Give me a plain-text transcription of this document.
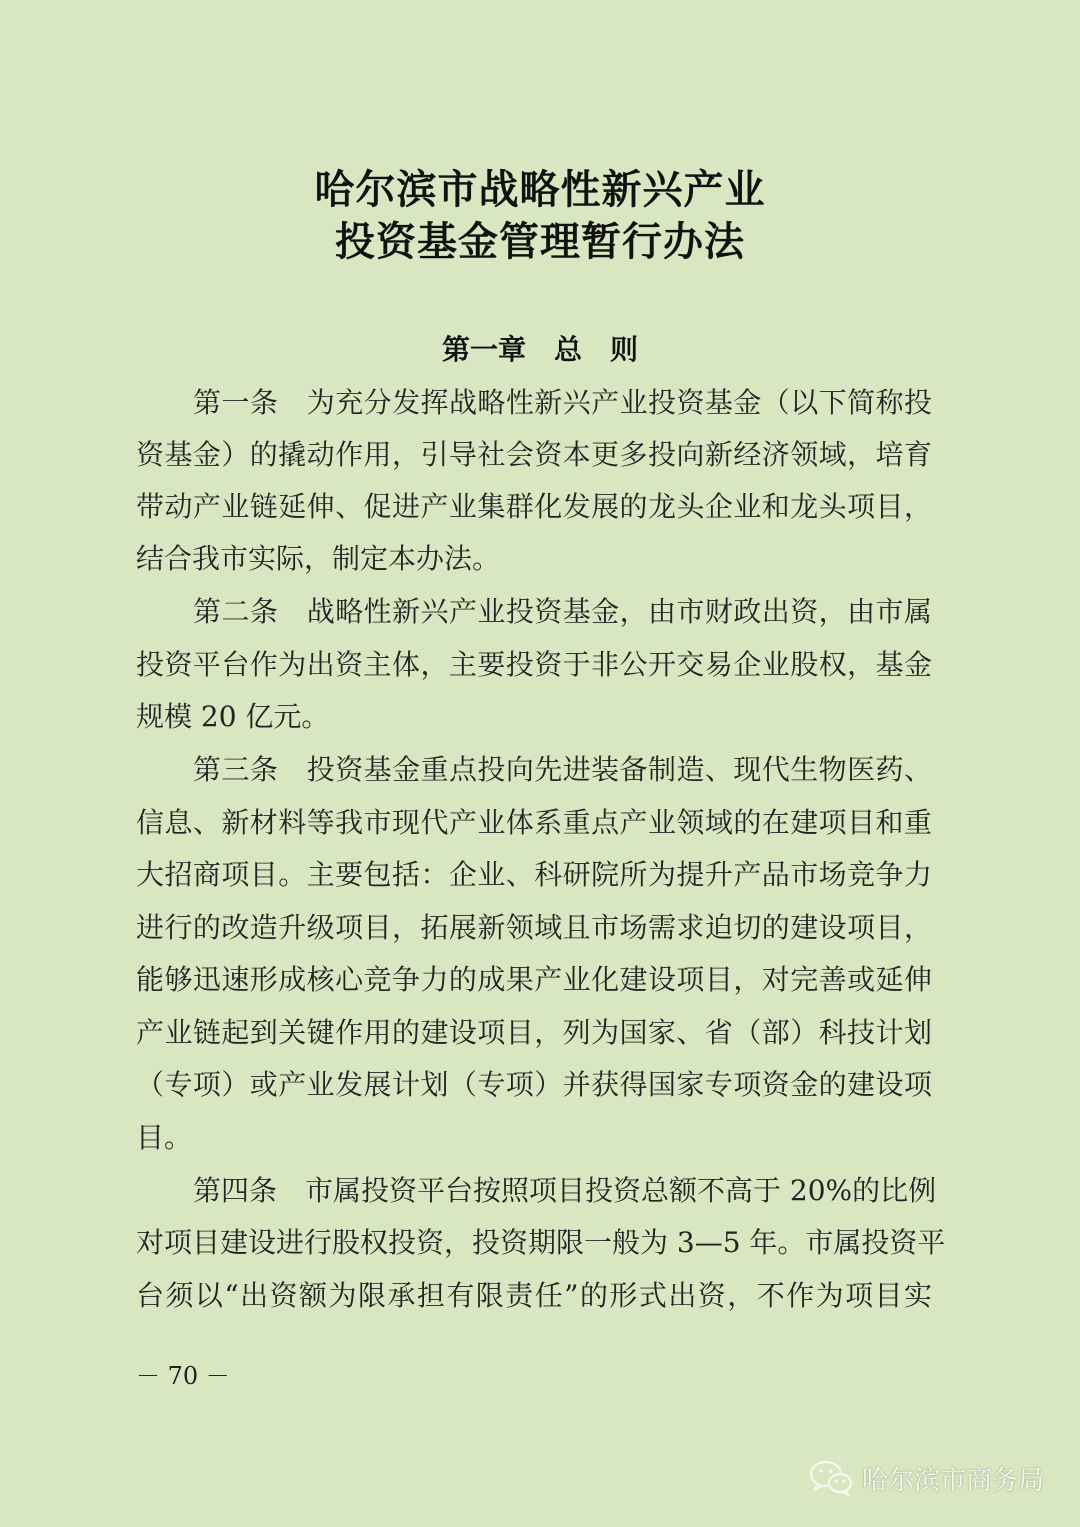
哈尔滨市战略性新兴产业
投资基金管理暂行办法
第一章 总　则
第一条　为充分发挥战略性新兴产业投资基金（以下简称投
资基金）的撬动作用，引导社会资本更多投向新经济领域，培育
带动产业链延伸、促进产业集群化发展的龙头企业和龙头项目，
结合我市实际，制定本办法。
第二条　战略性新兴产业投资基金，由市财政出资，由市属
投资平台作为出资主体，主要投资于非公开交易企业股权，基金
规模 20 亿元。
第三条　投资基金重点投向先进装备制造、现代生物医药、
信息、新材料等我市现代产业体系重点产业领域的在建项目和重
大招商项目。主要包括：企业、科研院所为提升产品市场竞争力
进行的改造升级项目，拓展新领域且市场需求迫切的建设项目，
能够迅速形成核心竞争力的成果产业化建设项目，对完善或延伸
产业链起到关键作用的建设项目，列为国家、省（部）科技计划
（专项）或产业发展计划（专项）并获得国家专项资金的建设项
目。
第四条　市属投资平台按照项目投资总额不高于 20%的比例
对项目建设进行股权投资，投资期限一般为 3—5 年。市属投资平
台须以“出资额为限承担有限责任”的形式出资，不作为项目实
－ 70 －
哈尔滨市商务局
